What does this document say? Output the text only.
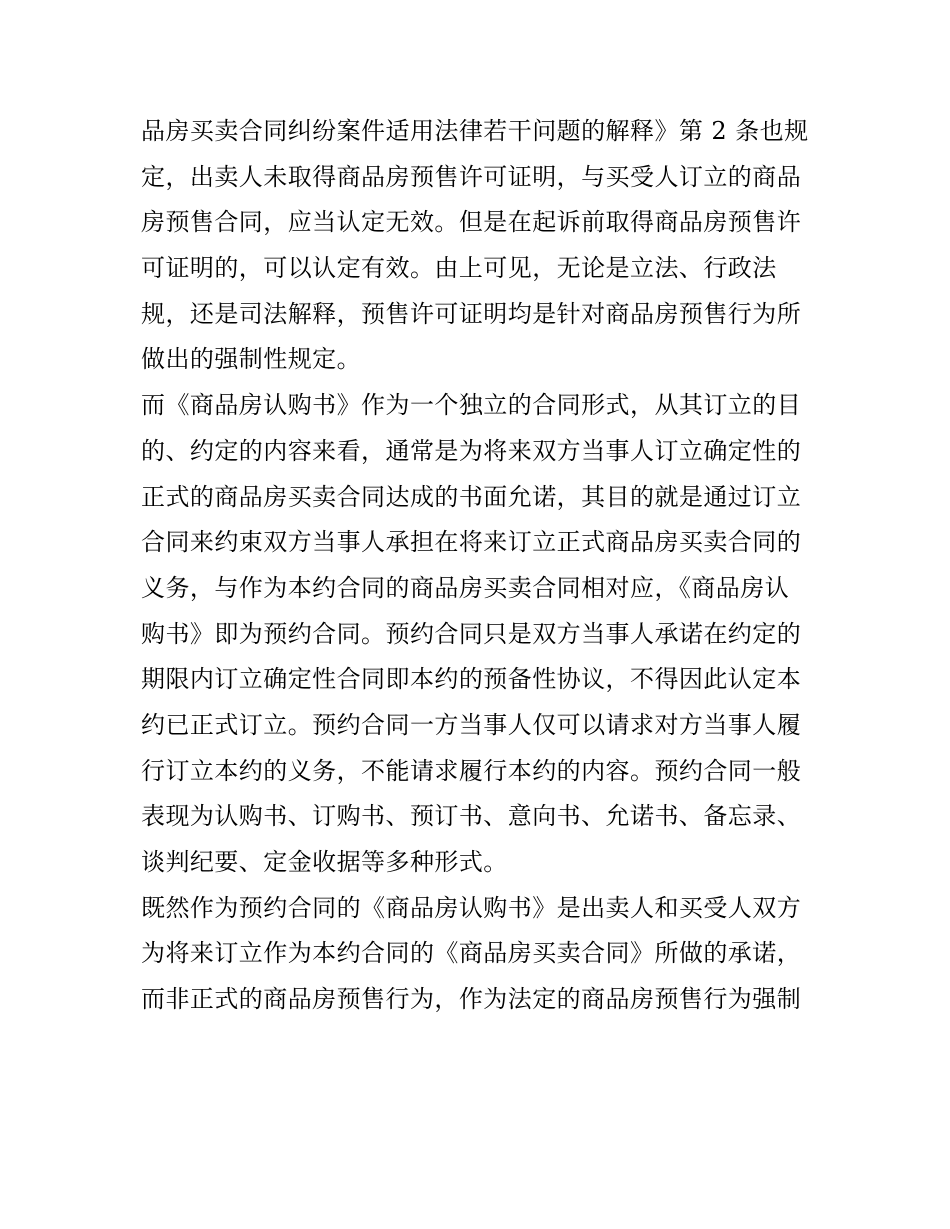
品房买卖合同纠纷案件适用法律若干问题的解释》第 2 条也规
定，出卖人未取得商品房预售许可证明，与买受人订立的商品
房预售合同，应当认定无效。但是在起诉前取得商品房预售许
可证明的，可以认定有效。由上可见，无论是立法、行政法
规，还是司法解释，预售许可证明均是针对商品房预售行为所
做出的强制性规定。
而《商品房认购书》作为一个独立的合同形式，从其订立的目
的、约定的内容来看，通常是为将来双方当事人订立确定性的
正式的商品房买卖合同达成的书面允诺，其目的就是通过订立
合同来约束双方当事人承担在将来订立正式商品房买卖合同的
义务，与作为本约合同的商品房买卖合同相对应，《商品房认
购书》即为预约合同。预约合同只是双方当事人承诺在约定的
期限内订立确定性合同即本约的预备性协议，不得因此认定本
约已正式订立。预约合同一方当事人仅可以请求对方当事人履
行订立本约的义务，不能请求履行本约的内容。预约合同一般
表现为认购书、订购书、预订书、意向书、允诺书、备忘录、
谈判纪要、定金收据等多种形式。
既然作为预约合同的《商品房认购书》是出卖人和买受人双方
为将来订立作为本约合同的《商品房买卖合同》所做的承诺，
而非正式的商品房预售行为，作为法定的商品房预售行为强制
